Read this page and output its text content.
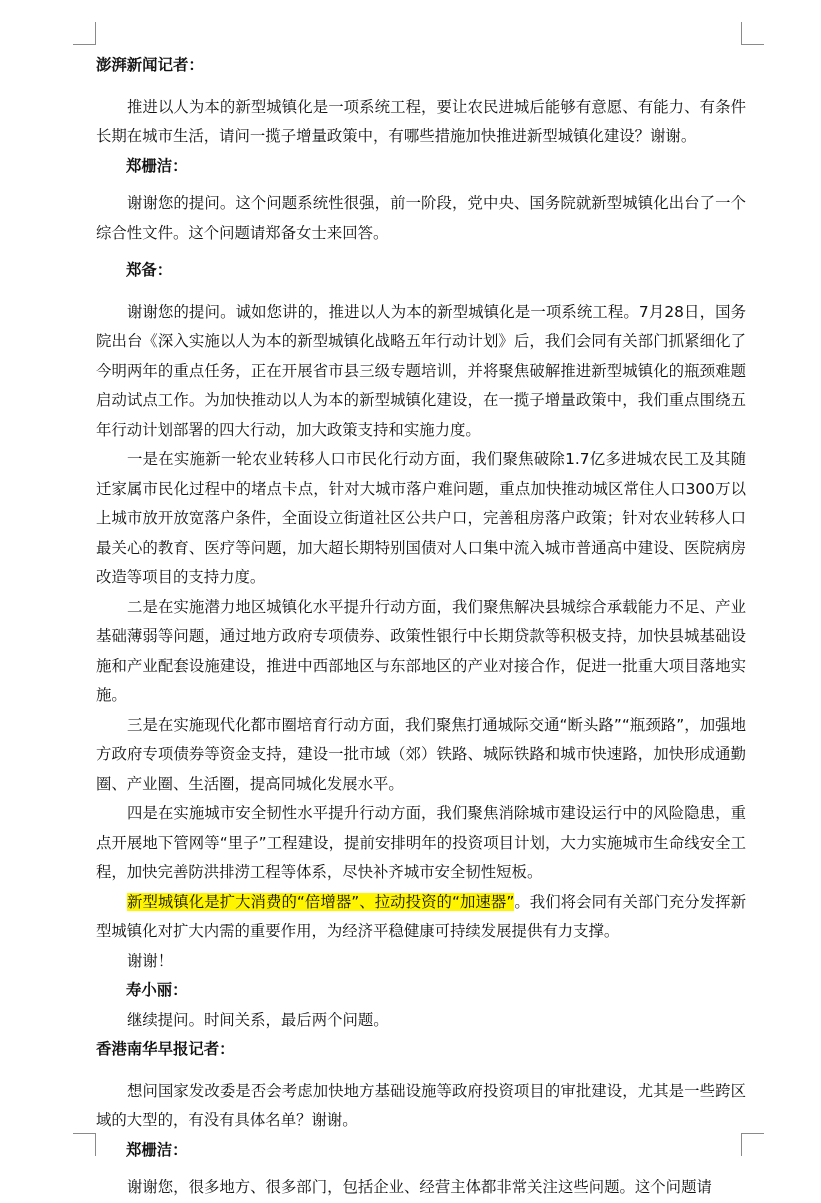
澎湃新闻记者：

推进以人为本的新型城镇化是一项系统工程，要让农民进城后能够有意愿、有能力、有条件长期在城市生活，请问一揽子增量政策中，有哪些措施加快推进新型城镇化建设？谢谢。

郑栅洁：

谢谢您的提问。这个问题系统性很强，前一阶段，党中央、国务院就新型城镇化出台了一个综合性文件。这个问题请郑备女士来回答。

郑备：

谢谢您的提问。诚如您讲的，推进以人为本的新型城镇化是一项系统工程。7月28日，国务院出台《深入实施以人为本的新型城镇化战略五年行动计划》后，我们会同有关部门抓紧细化了今明两年的重点任务，正在开展省市县三级专题培训，并将聚焦破解推进新型城镇化的瓶颈难题启动试点工作。为加快推动以人为本的新型城镇化建设，在一揽子增量政策中，我们重点围绕五年行动计划部署的四大行动，加大政策支持和实施力度。

一是在实施新一轮农业转移人口市民化行动方面，我们聚焦破除1.7亿多进城农民工及其随迁家属市民化过程中的堵点卡点，针对大城市落户难问题，重点加快推动城区常住人口300万以上城市放开放宽落户条件，全面设立街道社区公共户口，完善租房落户政策；针对农业转移人口最关心的教育、医疗等问题，加大超长期特别国债对人口集中流入城市普通高中建设、医院病房改造等项目的支持力度。

二是在实施潜力地区城镇化水平提升行动方面，我们聚焦解决县城综合承载能力不足、产业基础薄弱等问题，通过地方政府专项债券、政策性银行中长期贷款等积极支持，加快县城基础设施和产业配套设施建设，推进中西部地区与东部地区的产业对接合作，促进一批重大项目落地实施。

三是在实施现代化都市圈培育行动方面，我们聚焦打通城际交通“断头路”“瓶颈路”，加强地方政府专项债券等资金支持，建设一批市域（郊）铁路、城际铁路和城市快速路，加快形成通勤圈、产业圈、生活圈，提高同城化发展水平。

四是在实施城市安全韧性水平提升行动方面，我们聚焦消除城市建设运行中的风险隐患，重点开展地下管网等“里子”工程建设，提前安排明年的投资项目计划，大力实施城市生命线安全工程，加快完善防洪排涝工程等体系，尽快补齐城市安全韧性短板。

新型城镇化是扩大消费的“倍增器”、拉动投资的“加速器”。我们将会同有关部门充分发挥新型城镇化对扩大内需的重要作用，为经济平稳健康可持续发展提供有力支撑。

谢谢！

寿小丽：

继续提问。时间关系，最后两个问题。

香港南华早报记者：

想问国家发改委是否会考虑加快地方基础设施等政府投资项目的审批建设，尤其是一些跨区域的大型的，有没有具体名单？谢谢。

郑栅洁：

谢谢您，很多地方、很多部门，包括企业、经营主体都非常关注这些问题。这个问题请
